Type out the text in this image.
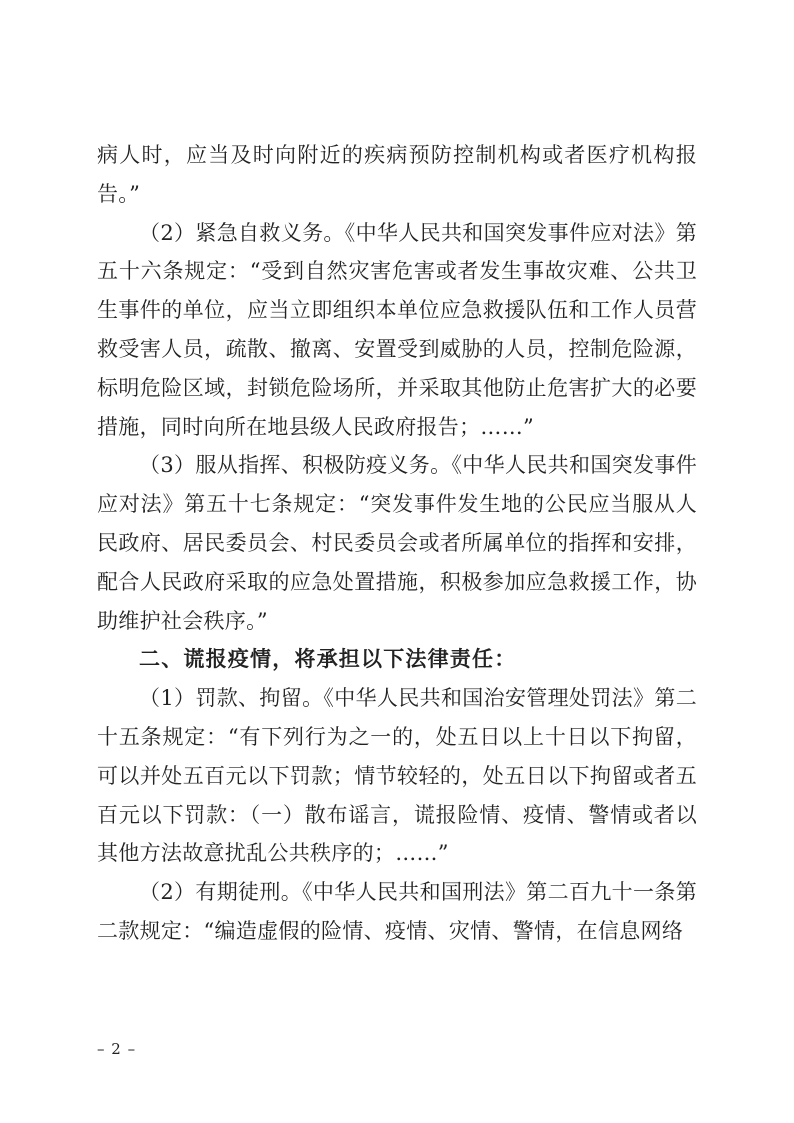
病人时，应当及时向附近的疾病预防控制机构或者医疗机构报告。”

（2）紧急自救义务。《中华人民共和国突发事件应对法》第五十六条规定：“受到自然灾害危害或者发生事故灾难、公共卫生事件的单位，应当立即组织本单位应急救援队伍和工作人员营救受害人员，疏散、撤离、安置受到威胁的人员，控制危险源，标明危险区域，封锁危险场所，并采取其他防止危害扩大的必要措施，同时向所在地县级人民政府报告；……”

（3）服从指挥、积极防疫义务。《中华人民共和国突发事件应对法》第五十七条规定：“突发事件发生地的公民应当服从人民政府、居民委员会、村民委员会或者所属单位的指挥和安排，配合人民政府采取的应急处置措施，积极参加应急救援工作，协助维护社会秩序。”

二、谎报疫情，将承担以下法律责任：

（1）罚款、拘留。《中华人民共和国治安管理处罚法》第二十五条规定：“有下列行为之一的，处五日以上十日以下拘留，可以并处五百元以下罚款；情节较轻的，处五日以下拘留或者五百元以下罚款：（一）散布谣言，谎报险情、疫情、警情或者以其他方法故意扰乱公共秩序的；……”

（2）有期徒刑。《中华人民共和国刑法》第二百九十一条第二款规定：“编造虚假的险情、疫情、灾情、警情，在信息网络

– 2 –
